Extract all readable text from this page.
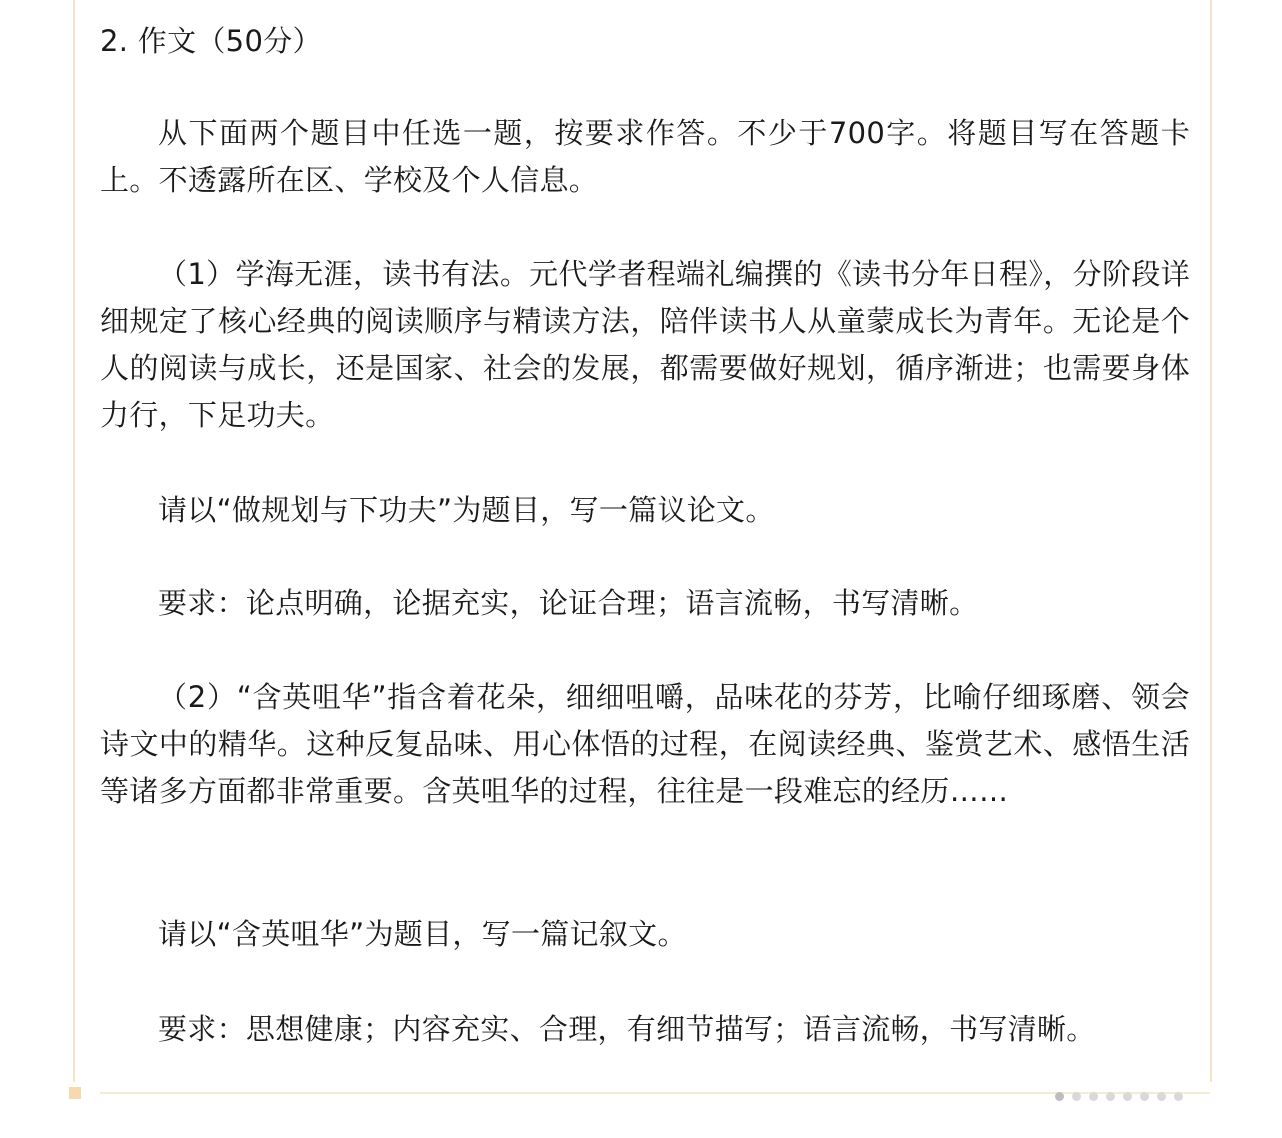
2. 作文（50分）

从下面两个题目中任选一题，按要求作答。不少于700字。将题目写在答题卡上。不透露所在区、学校及个人信息。

（1）学海无涯，读书有法。元代学者程端礼编撰的《读书分年日程》，分阶段详细规定了核心经典的阅读顺序与精读方法，陪伴读书人从童蒙成长为青年。无论是个人的阅读与成长，还是国家、社会的发展，都需要做好规划，循序渐进；也需要身体力行，下足功夫。

请以“做规划与下功夫”为题目，写一篇议论文。

要求：论点明确，论据充实，论证合理；语言流畅，书写清晰。

（2）“含英咀华”指含着花朵，细细咀嚼，品味花的芬芳，比喻仔细琢磨、领会诗文中的精华。这种反复品味、用心体悟的过程，在阅读经典、鉴赏艺术、感悟生活等诸多方面都非常重要。含英咀华的过程，往往是一段难忘的经历……

请以“含英咀华”为题目，写一篇记叙文。

要求：思想健康；内容充实、合理，有细节描写；语言流畅，书写清晰。
